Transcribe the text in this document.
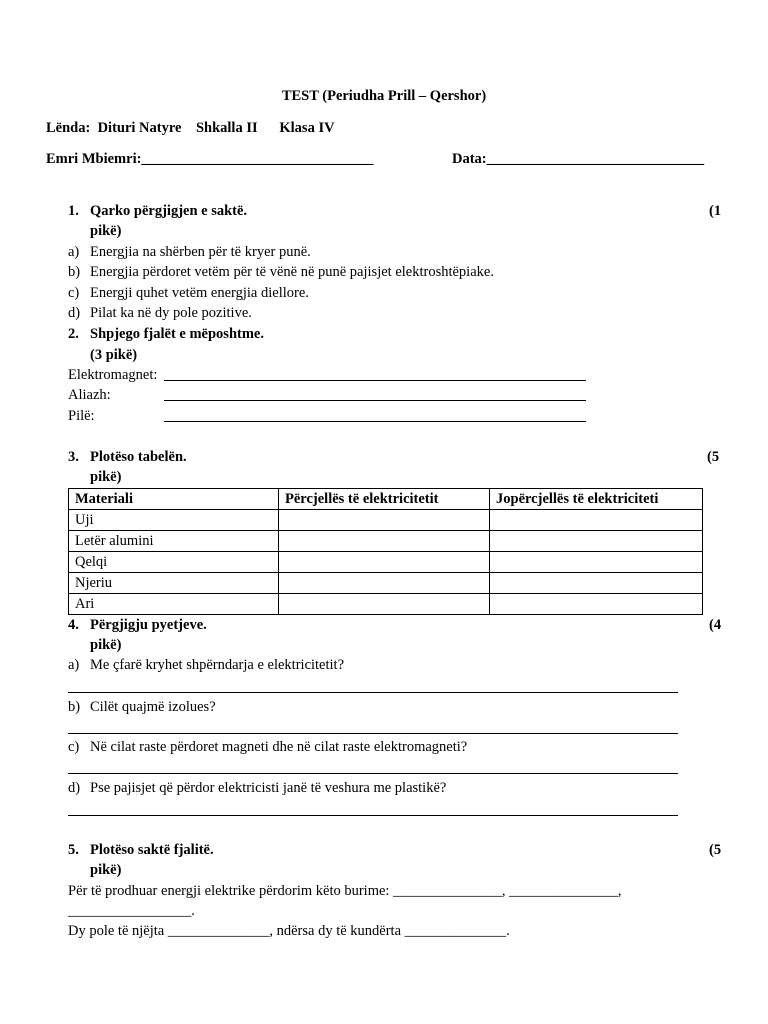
TEST (Periudha Prill – Qershor)
Lënda:  Dituri Natyre    Shkalla II      Klasa IV
Emri Mbiemri:________________________________	Data:______________________________
1. Qarko përgjigjen e saktë.	(1
pikë)
a) Energjia na shërben për të kryer punë.
b) Energjia përdoret vetëm për të vënë në punë pajisjet elektroshtëpiake.
c) Energji quhet vetëm energjia diellore.
d) Pilat ka në dy pole pozitive.
2. Shpjego fjalët e mëposhtme.
(3 pikë)
Elektromagnet:
Aliazh:
Pilë:
3. Plotëso tabelën.	(5
pikë)
Materiali	Përcjellës të elektricitetit	Jopërcjellës të elektriciteti
Uji		
Letër alumini		
Qelqi		
Njeriu		
Ari		
4. Përgjigju pyetjeve.	(4
pikë)
a) Me çfarë kryhet shpërndarja e elektricitetit?
b) Cilët quajmë izolues?
c) Në cilat raste përdoret magneti dhe në cilat raste elektromagneti?
d) Pse pajisjet që përdor elektricisti janë të veshura me plastikë?
5. Plotëso saktë fjalitë.	(5
pikë)
Për të prodhuar energji elektrike përdorim këto burime: _______________, _______________,
_________________.
Dy pole të njëjta ______________, ndërsa dy të kundërta ______________.
